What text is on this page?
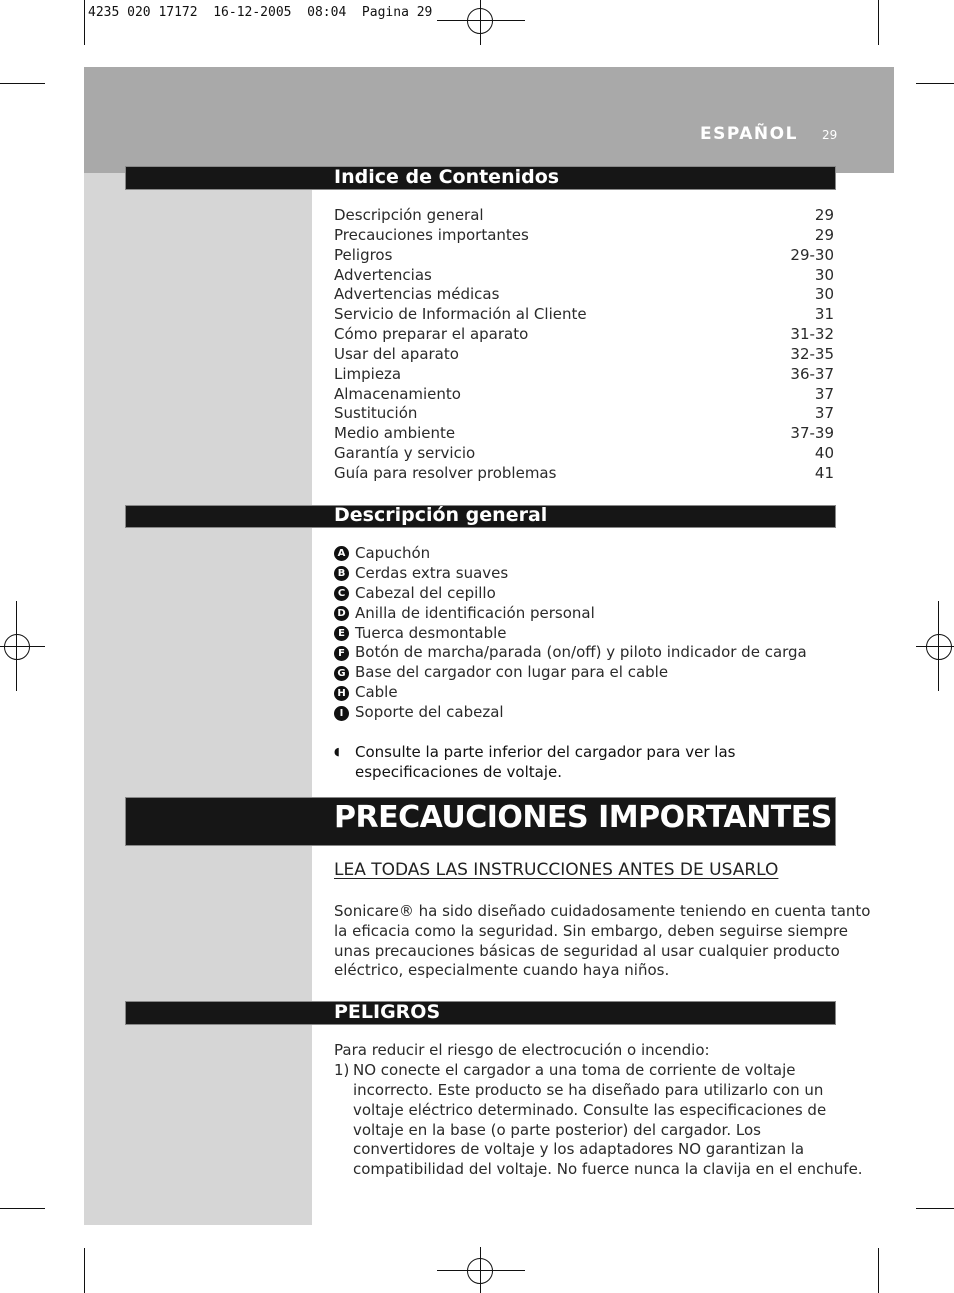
4235 020 17172  16-12-2005  08:04  Pagina 29
ESPAÑOL 29
Indice de Contenidos
Descripción general	29
Precauciones importantes	29
Peligros	29-30
Advertencias	30
Advertencias médicas	30
Servicio de Información al Cliente	31
Cómo preparar el aparato	31-32
Usar del aparato	32-35
Limpieza	36-37
Almacenamiento	37
Sustitución	37
Medio ambiente	37-39
Garantía y servicio	40
Guía para resolver problemas	41
Descripción general
A Capuchón
B Cerdas extra suaves
C Cabezal del cepillo
D Anilla de identificación personal
E Tuerca desmontable
F Botón de marcha/parada (on/off) y piloto indicador de carga
G Base del cargador con lugar para el cable
H Cable
I Soporte del cabezal
◖ Consulte la parte inferior del cargador para ver las
especificaciones de voltaje.
PRECAUCIONES IMPORTANTES
LEA TODAS LAS INSTRUCCIONES ANTES DE USARLO
Sonicare® ha sido diseñado cuidadosamente teniendo en cuenta tanto
la eficacia como la seguridad. Sin embargo, deben seguirse siempre
unas precauciones básicas de seguridad al usar cualquier producto
eléctrico, especialmente cuando haya niños.
PELIGROS
Para reducir el riesgo de electrocución o incendio:
1) NO conecte el cargador a una toma de corriente de voltaje
incorrecto. Este producto se ha diseñado para utilizarlo con un
voltaje eléctrico determinado. Consulte las especificaciones de
voltaje en la base (o parte posterior) del cargador. Los
convertidores de voltaje y los adaptadores NO garantizan la
compatibilidad del voltaje. No fuerce nunca la clavija en el enchufe.
